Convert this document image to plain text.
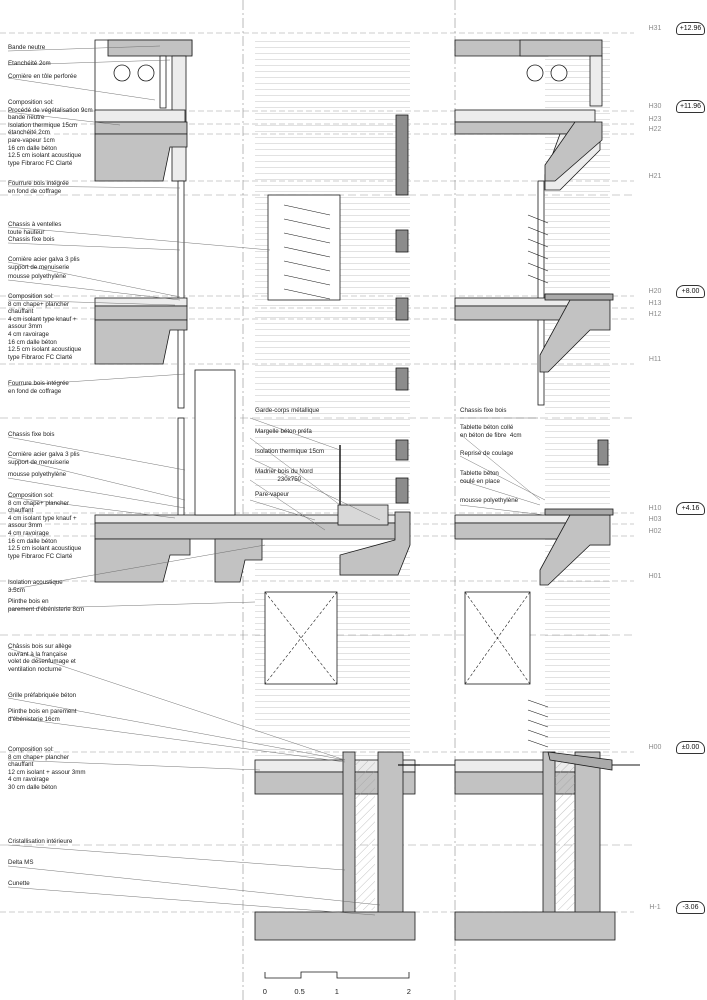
Bande neutre
Etanchéité 2cm
Cornière en tôle perforée
Composition sol:
Procédé de végétalisation 9cm
bande neutre
Isolation thermique 15cm
étanchéité 2cm
pare-vapeur 1cm
16 cm dalle béton
12.5 cm isolant acoustique
type Fibraroc FC Clarté
Fourrure bois intégrée
en fond de coffrage
Chassis à ventelles
toute hauteur
Chassis fixe bois
Cornière acier galva 3 plis
support de menuiserie
mousse polyethylène
Composition sol:
8 cm chape+ plancher
chauffant
4 cm isolant type knauf +
assour 3mm
4 cm ravoirage
16 cm dalle béton
12.5 cm isolant acoustique
type Fibraroc FC Clarté
Fourrure bois intégrée
en fond de coffrage
Chassis fixe bois
Cornière acier galva 3 plis
support de menuiserie
mousse polyethylène
Composition sol:
8 cm chape+ plancher
chauffant
4 cm isolant type knauf +
assour 3mm
4 cm ravoirage
16 cm dalle béton
12.5 cm isolant acoustique
type Fibraroc FC Clarté
Isolation acoustique
3.5cm
Plinthe bois en
parement d'ébénisterie 8cm
Châssis bois sur allège
ouvrant à la française
volet de désenfumage et
ventilation nocturne
Grille préfabriquée béton
Plinthe bois en parement
d'ébénisterie 16cm
Composition sol:
8 cm chape+ plancher
chauffant
12 cm isolant + assour 3mm
4 cm ravoirage
30 cm dalle béton
Cristallisation intérieure
Delta MS
Cunette
Garde-corps métallique
Margelle béton préfa
Isolation thermique 15cm
Madrier bois du Nord
230x750
Pare-vapeur
Chassis fixe bois
Tablette béton collé
en béton de fibre  4cm
Reprise de coulage
Tablette béton
coulé en place
mousse polyethylène
H31	+12.96
H30	+11.96
H23
H22
H21
H20	+8.00
H13
H12
H11
H10	+4.16
H03
H02
H01
H00	±0.00
H-1	-3.06
0	0.5	1	2
